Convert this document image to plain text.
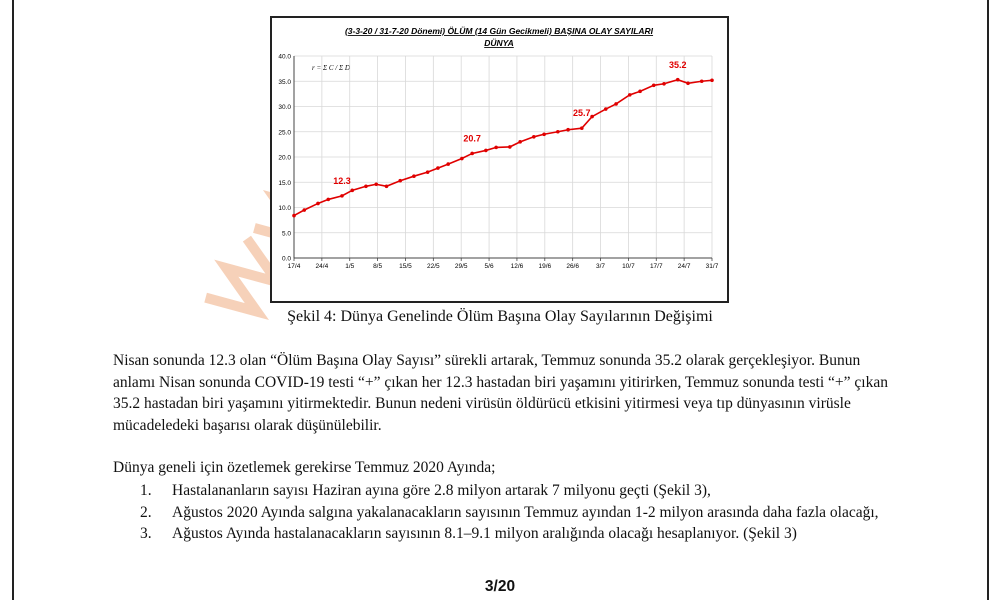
(3-3-20 / 31-7-20 Dönemi) ÖLÜM (14 Gün Gecikmeli) BAŞINA OLAY SAYILARI
DÜNYA
r = Σ C / Σ D
0.0
5.0
10.0
15.0
20.0
25.0
30.0
35.0
40.0
17/4 24/4	1/5	8/5	15/5 22/5 29/5	5/6	12/6 19/6 26/6	3/7	10/7 17/7 24/7 31/7
12.3
20.7
25.7
35.2
Şekil 4: Dünya Genelinde Ölüm Başına Olay Sayılarının Değişimi
Nisan sonunda 12.3 olan “Ölüm Başına Olay Sayısı” sürekli artarak, Temmuz sonunda 35.2 olarak gerçekleşiyor. Bunun anlamı Nisan sonunda COVID-19 testi “+” çıkan her 12.3 hastadan biri yaşamını yitirirken, Temmuz sonunda testi “+” çıkan 35.2 hastadan biri yaşamını yitirmektedir. Bunun nedeni virüsün öldürücü etkisini yitirmesi veya tıp dünyasının virüsle mücadeledeki başarısı olarak düşünülebilir.
Dünya geneli için özetlemek gerekirse Temmuz 2020 Ayında;
1.	Hastalananların sayısı Haziran ayına göre 2.8 milyon artarak 7 milyonu geçti (Şekil 3),
2.	Ağustos 2020 Ayında salgına yakalanacakların sayısının Temmuz ayından 1-2 milyon arasında daha fazla olacağı,
3.	Ağustos Ayında hastalanacakların sayısının 8.1–9.1 milyon aralığında olacağı hesaplanıyor. (Şekil 3)
3/20
